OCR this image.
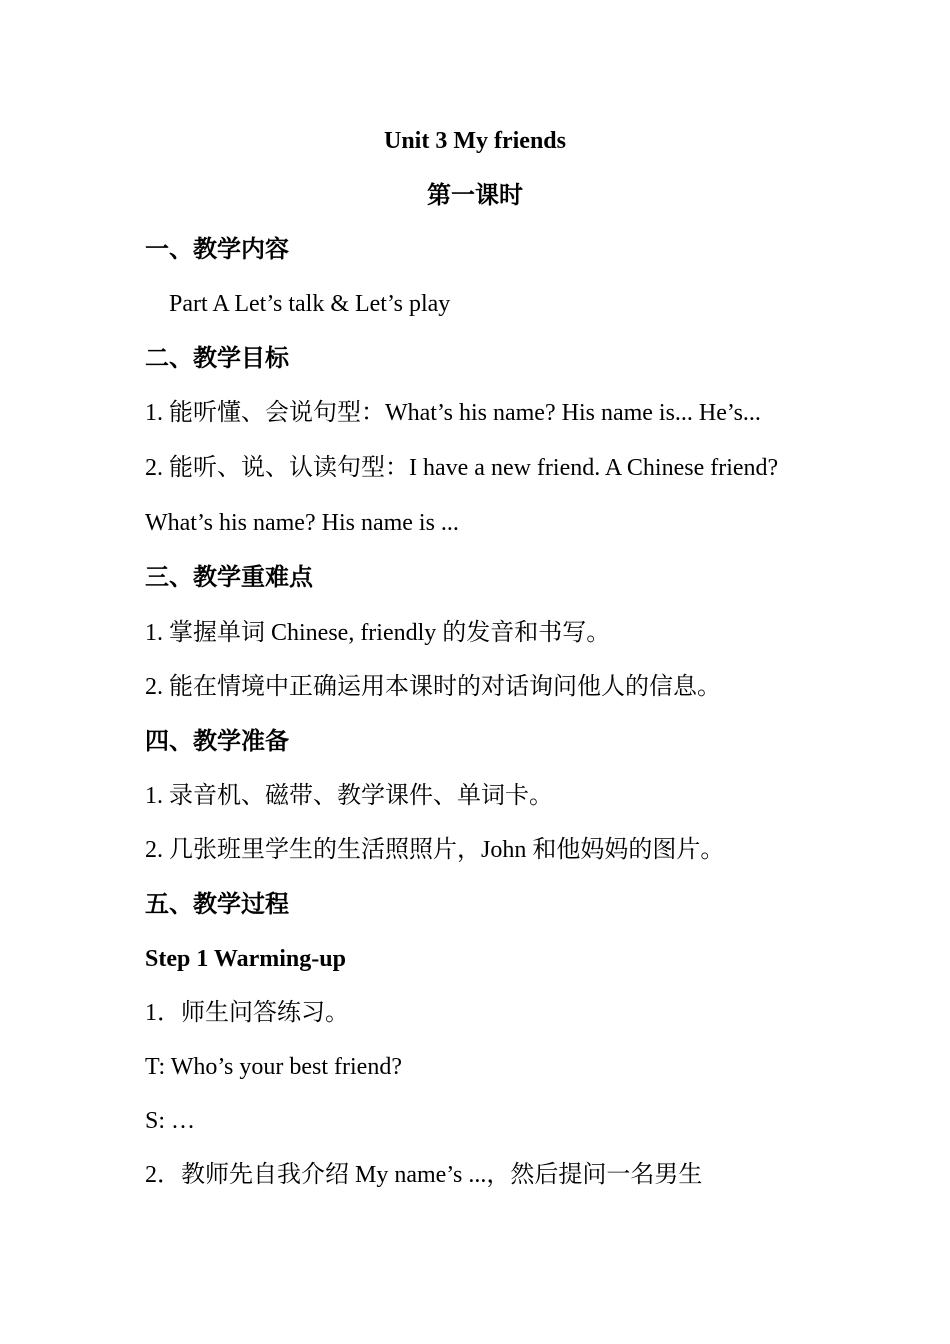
Unit 3 My friends
第一课时
一、教学内容
Part A Let’s talk & Let’s play
二、教学目标
1. 能听懂、会说句型：What’s his name? His name is... He’s...
2. 能听、说、认读句型：I have a new friend. A Chinese friend?
What’s his name? His name is ...
三、教学重难点
1. 掌握单词 Chinese, friendly 的发音和书写。
2. 能在情境中正确运用本课时的对话询问他人的信息。
四、教学准备
1. 录音机、磁带、教学课件、单词卡。
2. 几张班里学生的生活照照片，John 和他妈妈的图片。
五、教学过程
Step 1 Warming-up
1．师生问答练习。
T: Who’s your best friend?
S: …
2．教师先自我介绍 My name’s ...，然后提问一名男生
